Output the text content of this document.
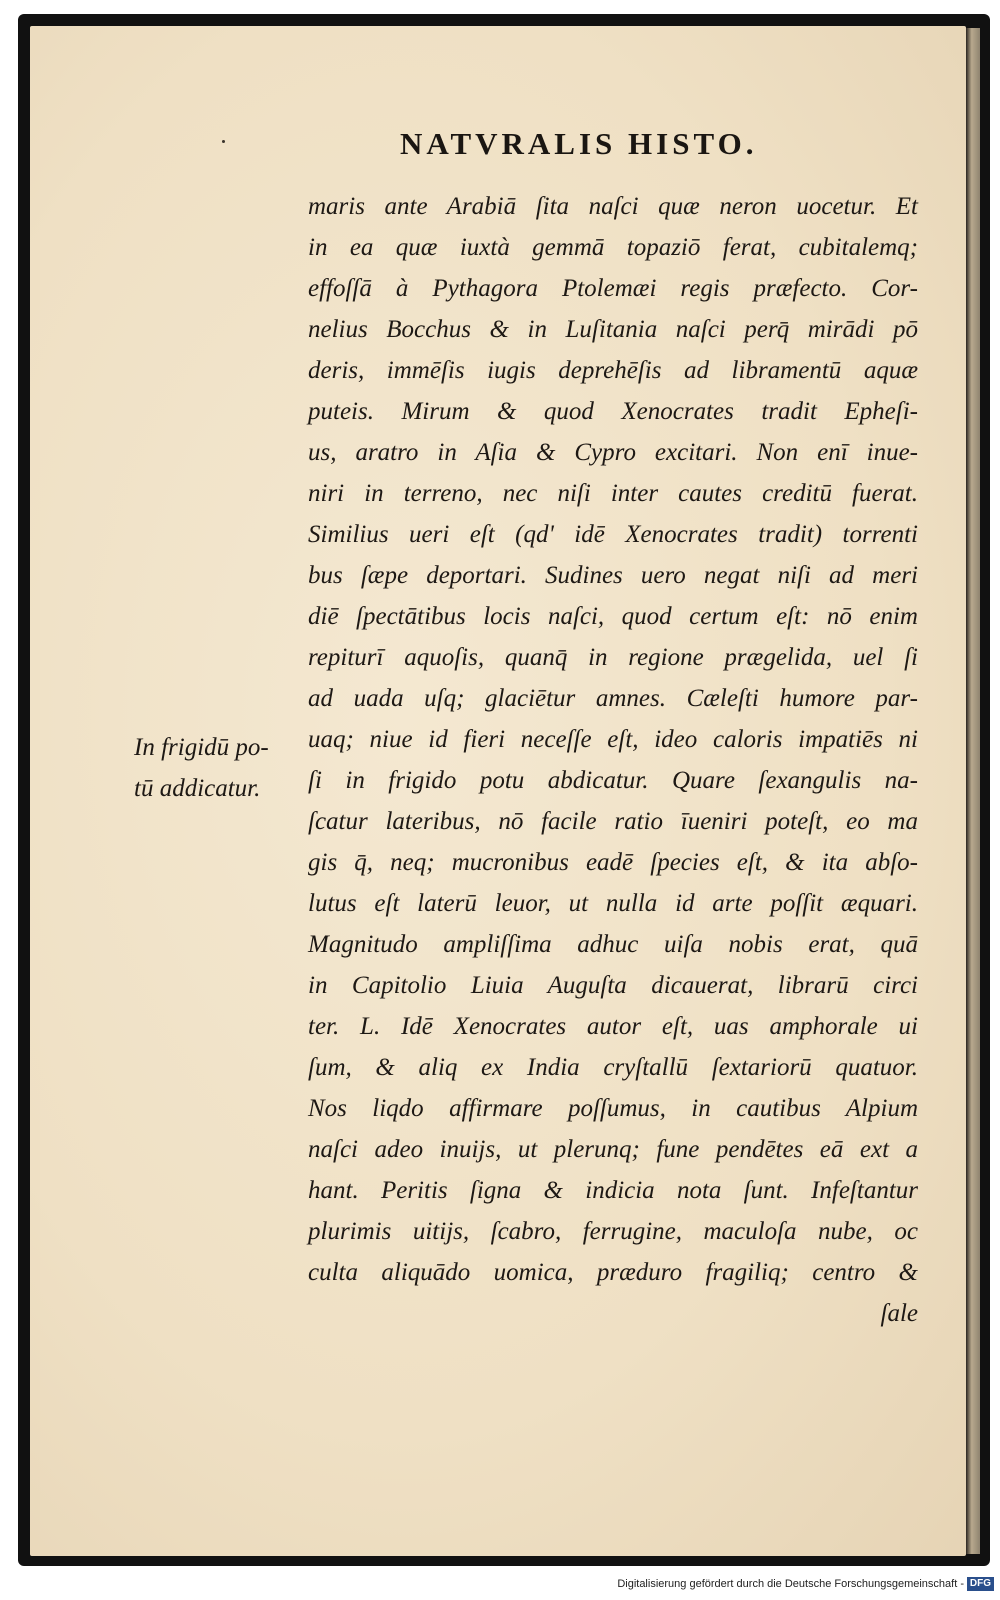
NATVRALIS HISTO.
maris ante Arabiā ſita naſci quæ neron uocetur. Et
in ea quæ iuxtà gemmā topaziō ferat, cubitalemq;
effoſſā à Pythagora Ptolemæi regis præfecto. Cor-
nelius Bocchus & in Luſitania naſci perq̄ mirādi pō
deris, immēſis iugis deprehēſis ad libramentū aquæ
puteis. Mirum & quod Xenocrates tradit Epheſi-
us, aratro in Aſia & Cypro excitari. Non enī inue-
niri in terreno, nec niſi inter cautes creditū fuerat.
Similius ueri eſt (qd' idē Xenocrates tradit) torrenti
bus ſæpe deportari. Sudines uero negat niſi ad meri
diē ſpectātibus locis naſci, quod certum eſt: nō enim
repiturī aquoſis, quanq̄ in regione prægelida, uel ſi
ad uada uſq; glaciētur amnes. Cæleſti humore par-
uaq; niue id fieri neceſſe eſt, ideo caloris impatiēs ni
ſi in frigido potu abdicatur. Quare ſexangulis na-
ſcatur lateribus, nō facile ratio īueniri poteſt, eo ma
gis q̄, neq; mucronibus eadē ſpecies eſt, & ita abſo-
lutus eſt laterū leuor, ut nulla id arte poſſit æquari.
Magnitudo ampliſſima adhuc uiſa nobis erat, quā
in Capitolio Liuia Auguſta dicauerat, librarū circi
ter. L. Idē Xenocrates autor eſt, uas amphorale ui
ſum, & aliq ex India cryſtallū ſextariorū quatuor.
Nos liqdo affirmare poſſumus, in cautibus Alpium
naſci adeo inuijs, ut plerunq; fune pendētes eā ext a
hant. Peritis ſigna & indicia nota ſunt. Infeſtantur
plurimis uitijs, ſcabro, ferrugine, maculoſa nube, oc
culta aliquādo uomica, præduro fragiliq; centro &
ſale
In frigidū po-
tū addicatur.
Digitalisierung gefördert durch die Deutsche Forschungsgemeinschaft - DFG
